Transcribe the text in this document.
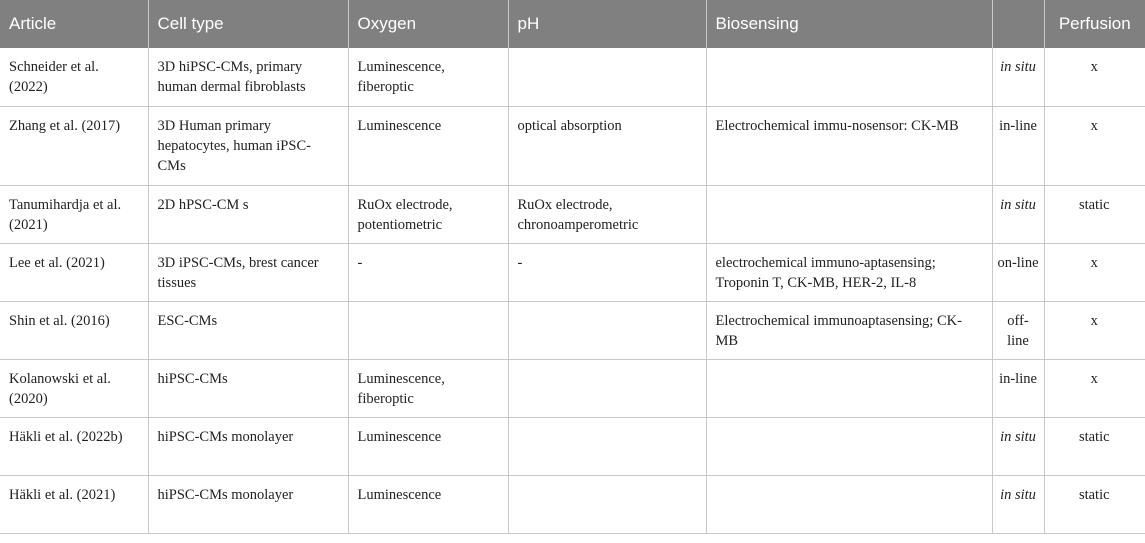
Article	Cell type	Oxygen	pH	Biosensing		Perfusion
Schneider et al. (2022)	3D hiPSC-CMs, primary human dermal fibroblasts	Luminescence, fiberoptic			in situ	x
Zhang et al. (2017)	3D Human primary hepatocytes, human iPSC-CMs	Luminescence	optical absorption	Electrochemical immu-nosensor: CK-MB	in-line	x
Tanumihardja et al. (2021)	2D hPSC-CM s	RuOx electrode, potentiometric	RuOx electrode, chronoamperometric		in situ	static
Lee et al. (2021)	3D iPSC-CMs, brest cancer tissues	-	-	electrochemical immuno-aptasensing; Troponin T, CK-MB, HER-2, IL-8	on-line	x
Shin et al. (2016)	ESC-CMs			Electrochemical immunoaptasensing; CK-MB	off-line	x
Kolanowski et al. (2020)	hiPSC-CMs	Luminescence, fiberoptic			in-line	x
Häkli et al. (2022b)	hiPSC-CMs monolayer	Luminescence			in situ	static
Häkli et al. (2021)	hiPSC-CMs monolayer	Luminescence			in situ	static
